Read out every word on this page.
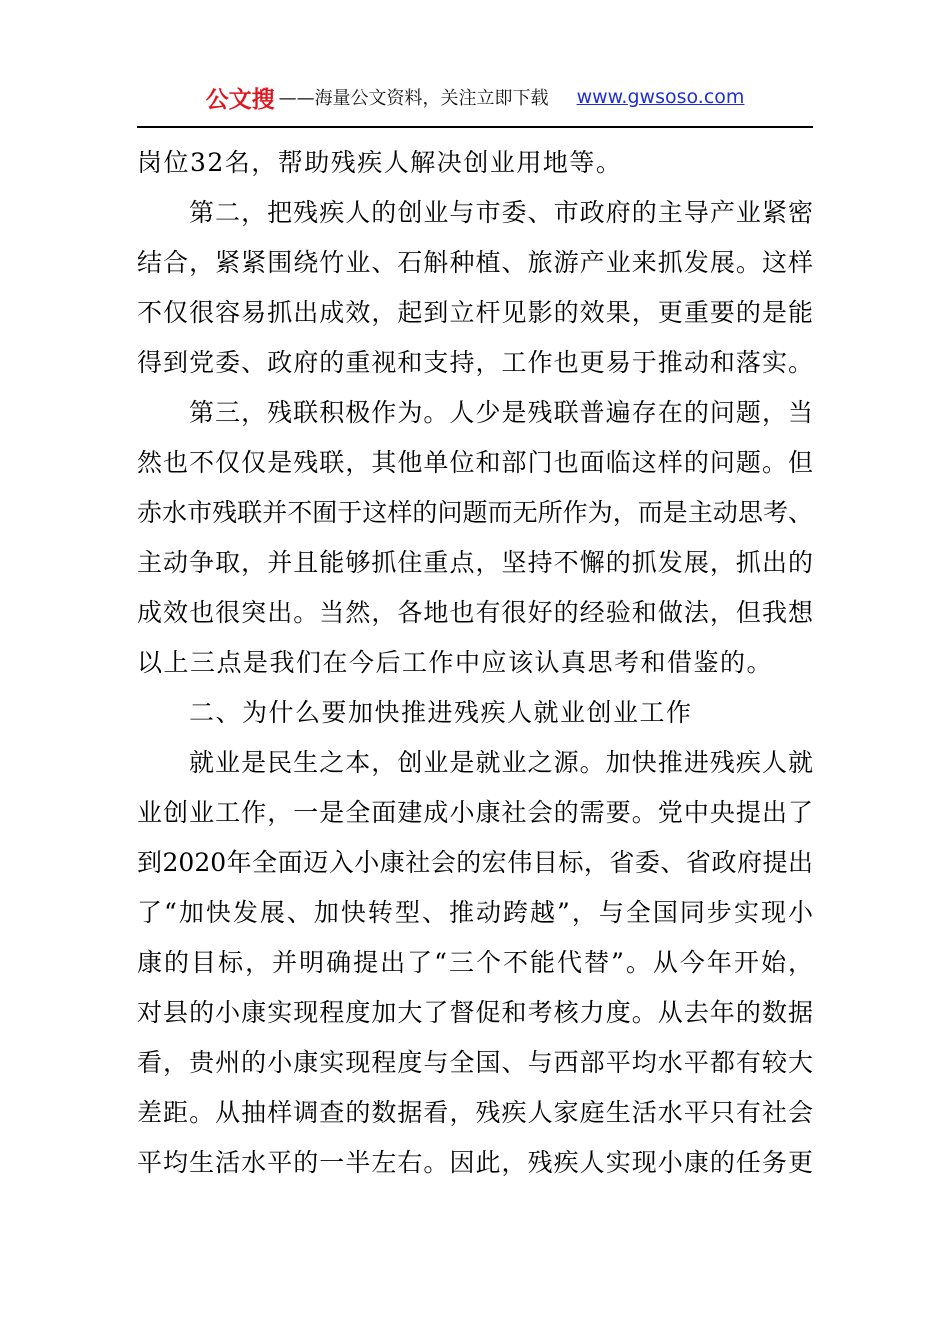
公文搜 ——海量公文资料，关注立即下载 www.gwsoso.com
岗位32名，帮助残疾人解决创业用地等。
第二，把残疾人的创业与市委、市政府的主导产业紧密
结合，紧紧围绕竹业、石斛种植、旅游产业来抓发展。这样
不仅很容易抓出成效，起到立杆见影的效果，更重要的是能
得到党委、政府的重视和支持，工作也更易于推动和落实。
第三，残联积极作为。人少是残联普遍存在的问题，当
然也不仅仅是残联，其他单位和部门也面临这样的问题。但
赤水市残联并不囿于这样的问题而无所作为，而是主动思考、
主动争取，并且能够抓住重点，坚持不懈的抓发展，抓出的
成效也很突出。当然，各地也有很好的经验和做法，但我想
以上三点是我们在今后工作中应该认真思考和借鉴的。
二、为什么要加快推进残疾人就业创业工作
就业是民生之本，创业是就业之源。加快推进残疾人就
业创业工作，一是全面建成小康社会的需要。党中央提出了
到2020年全面迈入小康社会的宏伟目标，省委、省政府提出
了“加快发展、加快转型、推动跨越”，与全国同步实现小
康的目标，并明确提出了“三个不能代替”。从今年开始，
对县的小康实现程度加大了督促和考核力度。从去年的数据
看，贵州的小康实现程度与全国、与西部平均水平都有较大
差距。从抽样调查的数据看，残疾人家庭生活水平只有社会
平均生活水平的一半左右。因此，残疾人实现小康的任务更
